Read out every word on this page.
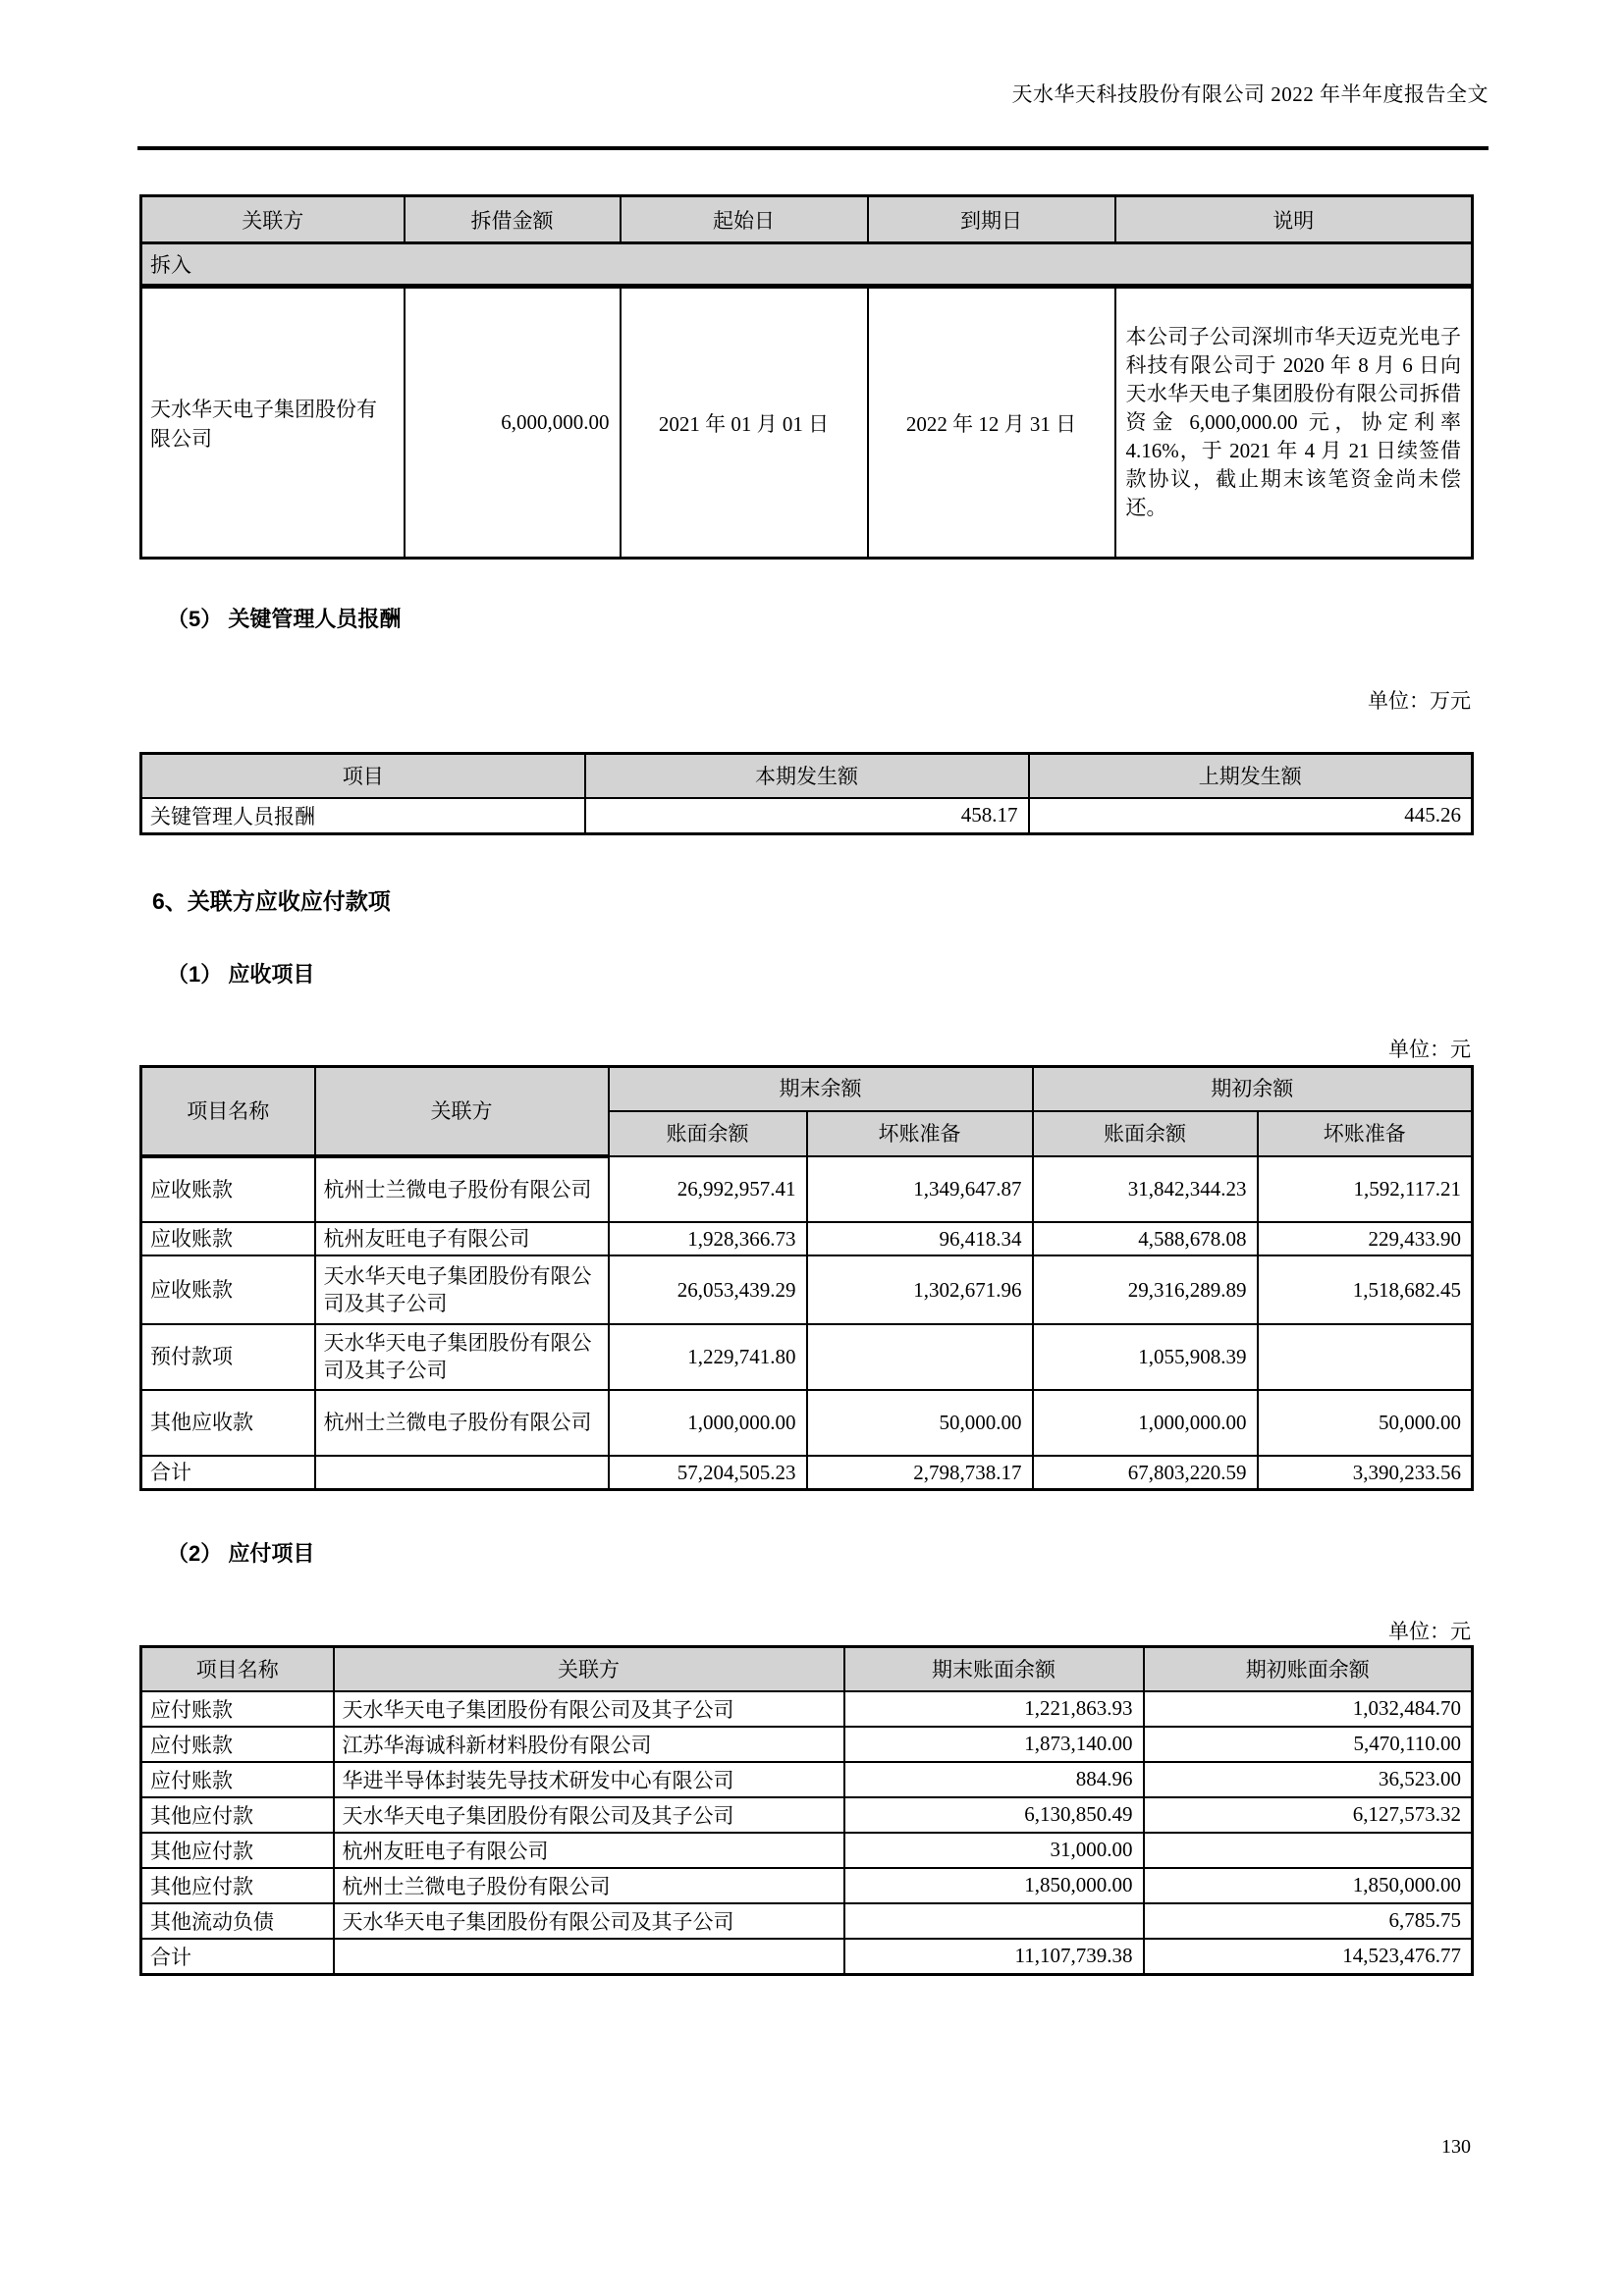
天水华天科技股份有限公司 2022 年半年度报告全文
关联方	拆借金额	起始日	到期日	说明
拆入				
天水华天电子集团股份有限公司	6,000,000.00	2021 年 01 月 01 日	2022 年 12 月 31 日	本公司子公司深圳市华天迈克光电子科技有限公司于 2020 年 8 月 6 日向天水华天电子集团股份有限公司拆借资金 6,000,000.00 元，协定利率 4.16%，于 2021 年 4 月 21 日续签借款协议，截止期末该笔资金尚未偿还。
（5） 关键管理人员报酬
单位：万元
项目	本期发生额	上期发生额
关键管理人员报酬	458.17	445.26
6、关联方应收应付款项
（1） 应收项目
单位：元
项目名称	关联方	期末余额		期初余额	
		账面余额	坏账准备	账面余额	坏账准备
应收账款	杭州士兰微电子股份有限公司	26,992,957.41	1,349,647.87	31,842,344.23	1,592,117.21
应收账款	杭州友旺电子有限公司	1,928,366.73	96,418.34	4,588,678.08	229,433.90
应收账款	天水华天电子集团股份有限公司及其子公司	26,053,439.29	1,302,671.96	29,316,289.89	1,518,682.45
预付款项	天水华天电子集团股份有限公司及其子公司	1,229,741.80		1,055,908.39	
其他应收款	杭州士兰微电子股份有限公司	1,000,000.00	50,000.00	1,000,000.00	50,000.00
合计		57,204,505.23	2,798,738.17	67,803,220.59	3,390,233.56
（2） 应付项目
单位：元
项目名称	关联方	期末账面余额	期初账面余额
应付账款	天水华天电子集团股份有限公司及其子公司	1,221,863.93	1,032,484.70
应付账款	江苏华海诚科新材料股份有限公司	1,873,140.00	5,470,110.00
应付账款	华进半导体封装先导技术研发中心有限公司	884.96	36,523.00
其他应付款	天水华天电子集团股份有限公司及其子公司	6,130,850.49	6,127,573.32
其他应付款	杭州友旺电子有限公司	31,000.00	
其他应付款	杭州士兰微电子股份有限公司	1,850,000.00	1,850,000.00
其他流动负债	天水华天电子集团股份有限公司及其子公司		6,785.75
合计		11,107,739.38	14,523,476.77
130
